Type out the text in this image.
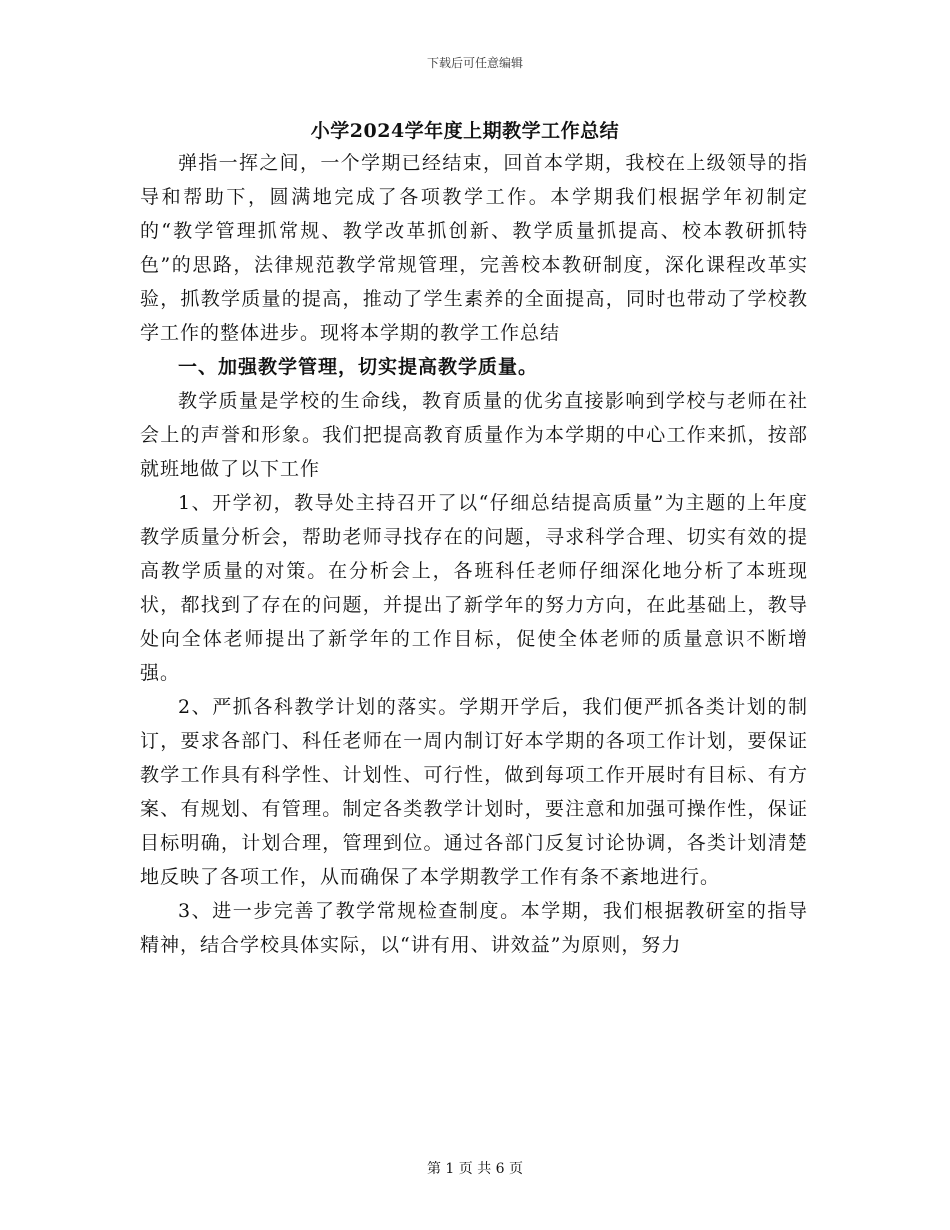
下载后可任意编辑
小学2024学年度上期教学工作总结

弹指一挥之间，一个学期已经结束，回首本学期，我校在上级领导的指导和帮助下，圆满地完成了各项教学工作。本学期我们根据学年初制定的“教学管理抓常规、教学改革抓创新、教学质量抓提高、校本教研抓特色”的思路，法律规范教学常规管理，完善校本教研制度，深化课程改革实验，抓教学质量的提高，推动了学生素养的全面提高，同时也带动了学校教学工作的整体进步。现将本学期的教学工作总结

一、加强教学管理，切实提高教学质量。

教学质量是学校的生命线，教育质量的优劣直接影响到学校与老师在社会上的声誉和形象。我们把提高教育质量作为本学期的中心工作来抓，按部就班地做了以下工作

1、开学初，教导处主持召开了以“仔细总结提高质量”为主题的上年度教学质量分析会，帮助老师寻找存在的问题，寻求科学合理、切实有效的提高教学质量的对策。在分析会上，各班科任老师仔细深化地分析了本班现状，都找到了存在的问题，并提出了新学年的努力方向，在此基础上，教导处向全体老师提出了新学年的工作目标，促使全体老师的质量意识不断增强。

2、严抓各科教学计划的落实。学期开学后，我们便严抓各类计划的制订，要求各部门、科任老师在一周内制订好本学期的各项工作计划，要保证教学工作具有科学性、计划性、可行性，做到每项工作开展时有目标、有方案、有规划、有管理。制定各类教学计划时，要注意和加强可操作性，保证目标明确，计划合理，管理到位。通过各部门反复讨论协调，各类计划清楚地反映了各项工作，从而确保了本学期教学工作有条不紊地进行。

3、进一步完善了教学常规检查制度。本学期，我们根据教研室的指导精神，结合学校具体实际，以“讲有用、讲效益”为原则，努力

第 1 页 共 6 页
